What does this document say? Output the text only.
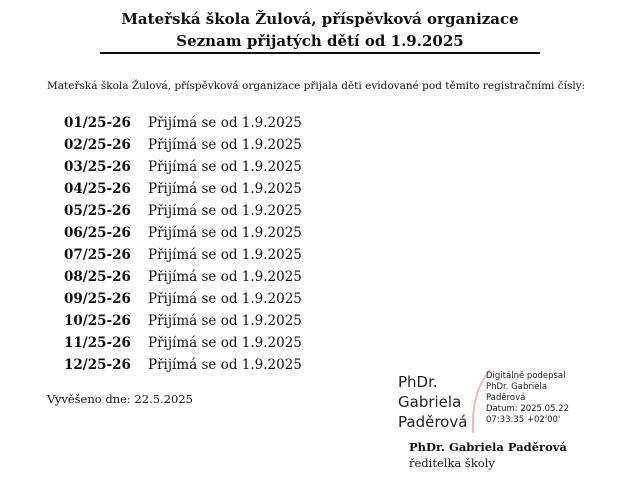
Mateřská škola Žulová, příspěvková organizace
Seznam přijatých dětí od 1.9.2025
Mateřská škola Žulová, příspěvková organizace přijala děti evidované pod těmito registračními čísly:
01/25-26	Přijímá se od 1.9.2025
02/25-26	Přijímá se od 1.9.2025
03/25-26	Přijímá se od 1.9.2025
04/25-26	Přijímá se od 1.9.2025
05/25-26	Přijímá se od 1.9.2025
06/25-26	Přijímá se od 1.9.2025
07/25-26	Přijímá se od 1.9.2025
08/25-26	Přijímá se od 1.9.2025
09/25-26	Přijímá se od 1.9.2025
10/25-26	Přijímá se od 1.9.2025
11/25-26	Přijímá se od 1.9.2025
12/25-26	Přijímá se od 1.9.2025
Vyvěšeno dne: 22.5.2025
PhDr.
Gabriela
Paděrová
Digitálně podepsal
PhDr. Gabriela
Paděrová
Datum: 2025.05.22
07:33:35 +02'00'
PhDr. Gabriela Paděrová
ředitelka školy
